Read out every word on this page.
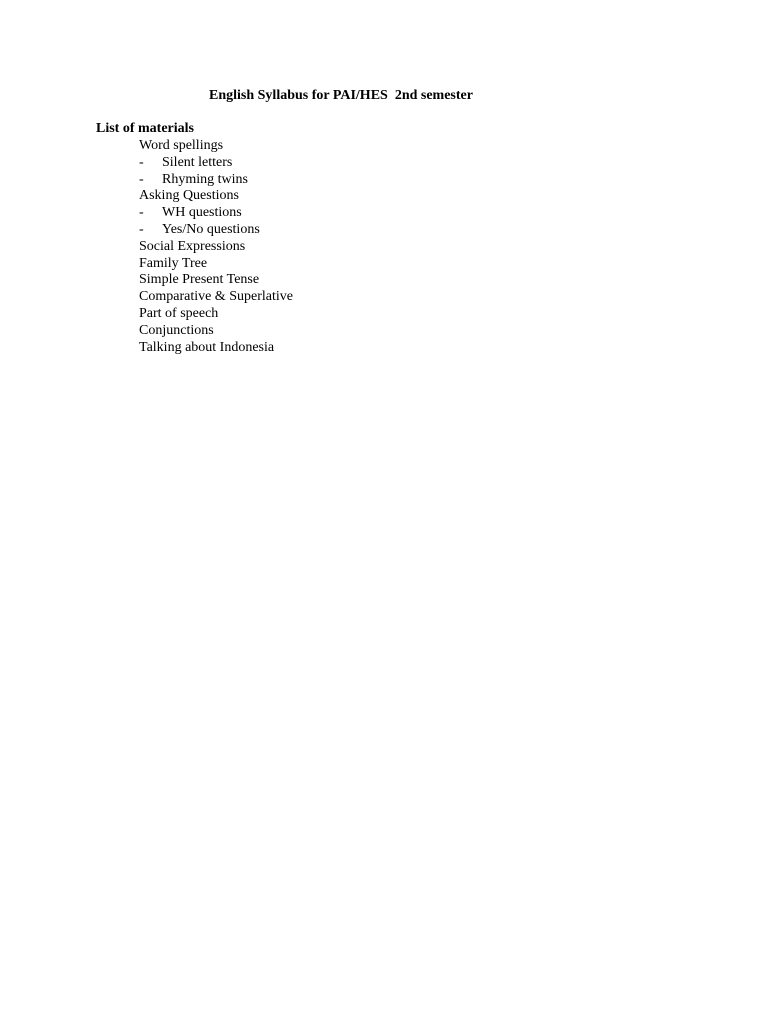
English Syllabus for PAI/HES  2nd semester
List of materials
Word spellings
- Silent letters
- Rhyming twins
Asking Questions
- WH questions
- Yes/No questions
Social Expressions
Family Tree
Simple Present Tense
Comparative & Superlative
Part of speech
Conjunctions
Talking about Indonesia
